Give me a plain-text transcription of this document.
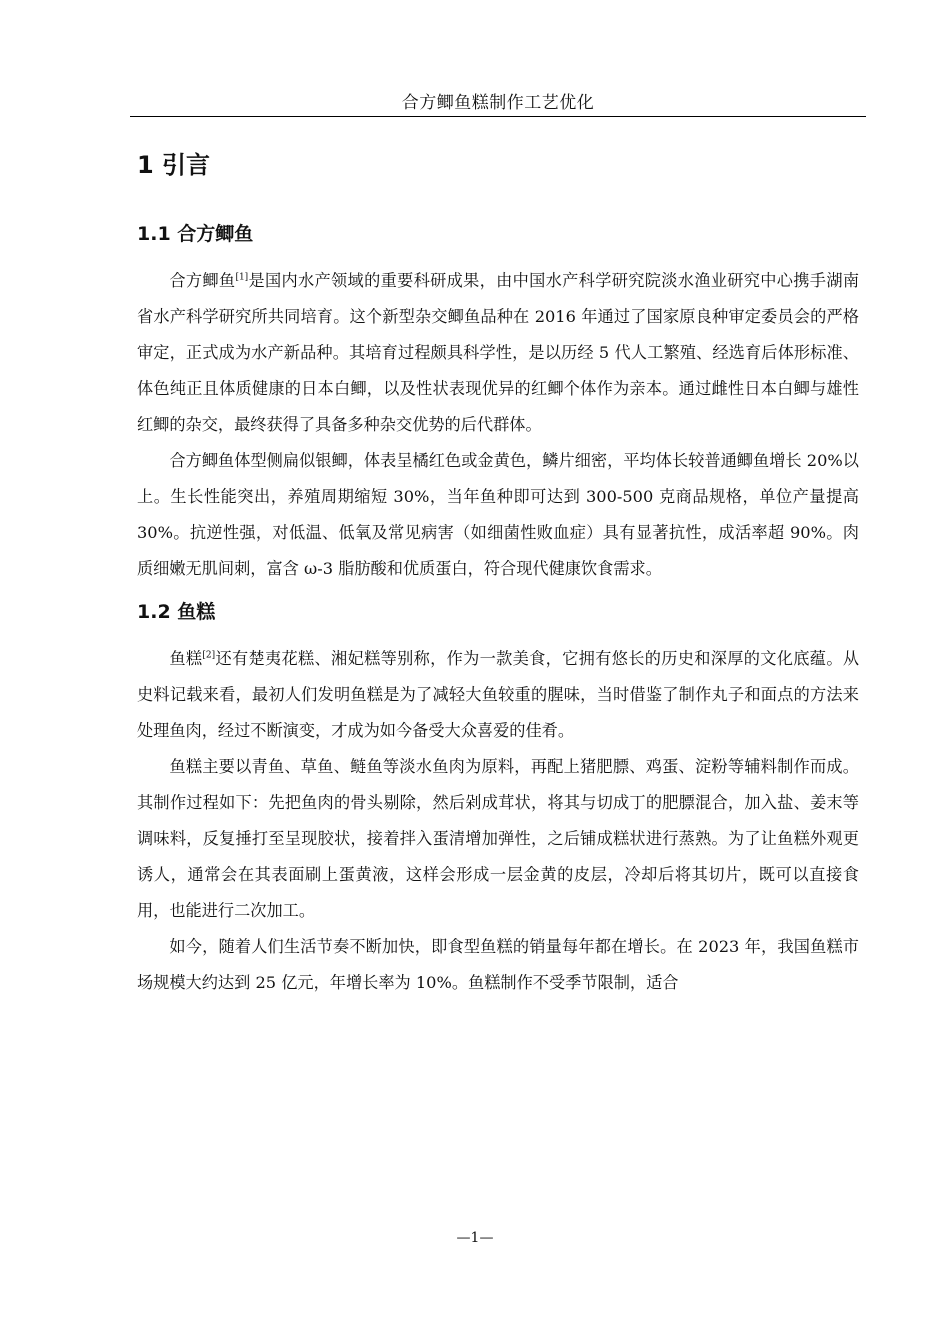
合方鲫鱼糕制作工艺优化
1 引言
1.1 合方鲫鱼

合方鲫鱼[1]是国内水产领域的重要科研成果，由中国水产科学研究院淡水渔业研究中心携手湖南省水产科学研究所共同培育。这个新型杂交鲫鱼品种在 2016 年通过了国家原良种审定委员会的严格审定，正式成为水产新品种。其培育过程颇具科学性，是以历经 5 代人工繁殖、经选育后体形标准、体色纯正且体质健康的日本白鲫，以及性状表现优异的红鲫个体作为亲本。通过雌性日本白鲫与雄性红鲫的杂交，最终获得了具备多种杂交优势的后代群体。

合方鲫鱼体型侧扁似银鲫，体表呈橘红色或金黄色，鳞片细密，平均体长较普通鲫鱼增长 20%以上。生长性能突出，养殖周期缩短 30%，当年鱼种即可达到 300-500 克商品规格，单位产量提高 30%。抗逆性强，对低温、低氧及常见病害（如细菌性败血症）具有显著抗性，成活率超 90%。肉质细嫩无肌间刺，富含 ω-3 脂肪酸和优质蛋白，符合现代健康饮食需求。

1.2 鱼糕

鱼糕[2]还有楚夷花糕、湘妃糕等别称，作为一款美食，它拥有悠长的历史和深厚的文化底蕴。从史料记载来看，最初人们发明鱼糕是为了减轻大鱼较重的腥味，当时借鉴了制作丸子和面点的方法来处理鱼肉，经过不断演变，才成为如今备受大众喜爱的佳肴。

鱼糕主要以青鱼、草鱼、鲢鱼等淡水鱼肉为原料，再配上猪肥膘、鸡蛋、淀粉等辅料制作而成。其制作过程如下：先把鱼肉的骨头剔除，然后剁成茸状，将其与切成丁的肥膘混合，加入盐、姜末等调味料，反复捶打至呈现胶状，接着拌入蛋清增加弹性，之后铺成糕状进行蒸熟。为了让鱼糕外观更诱人，通常会在其表面刷上蛋黄液，这样会形成一层金黄的皮层，冷却后将其切片，既可以直接食用，也能进行二次加工。

如今，随着人们生活节奏不断加快，即食型鱼糕的销量每年都在增长。在 2023 年，我国鱼糕市场规模大约达到 25 亿元，年增长率为 10%。鱼糕制作不受季节限制，适合

—1—
